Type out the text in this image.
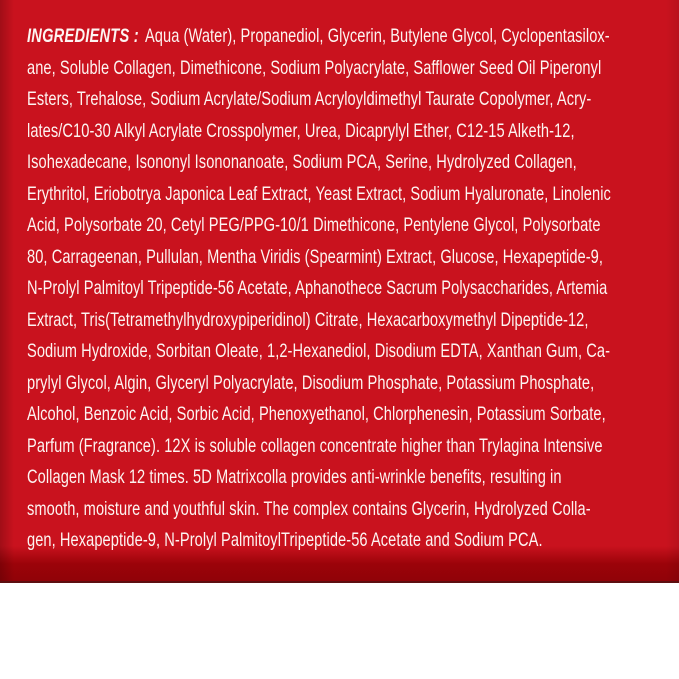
INGREDIENTS : Aqua (Water), Propanediol, Glycerin, Butylene Glycol, Cyclopentasilox-
ane, Soluble Collagen, Dimethicone, Sodium Polyacrylate, Safflower Seed Oil Piperonyl
Esters, Trehalose, Sodium Acrylate/Sodium Acryloyldimethyl Taurate Copolymer, Acry-
lates/C10-30 Alkyl Acrylate Crosspolymer, Urea, Dicaprylyl Ether, C12-15 Alketh-12,
Isohexadecane, Isononyl Isononanoate, Sodium PCA, Serine, Hydrolyzed Collagen,
Erythritol, Eriobotrya Japonica Leaf Extract, Yeast Extract, Sodium Hyaluronate, Linolenic
Acid, Polysorbate 20, Cetyl PEG/PPG-10/1 Dimethicone, Pentylene Glycol, Polysorbate
80, Carrageenan, Pullulan, Mentha Viridis (Spearmint) Extract, Glucose, Hexapeptide-9,
N-Prolyl Palmitoyl Tripeptide-56 Acetate, Aphanothece Sacrum Polysaccharides, Artemia
Extract, Tris(Tetramethylhydroxypiperidinol) Citrate, Hexacarboxymethyl Dipeptide-12,
Sodium Hydroxide, Sorbitan Oleate, 1,2-Hexanediol, Disodium EDTA, Xanthan Gum, Ca-
prylyl Glycol, Algin, Glyceryl Polyacrylate, Disodium Phosphate, Potassium Phosphate,
Alcohol, Benzoic Acid, Sorbic Acid, Phenoxyethanol, Chlorphenesin, Potassium Sorbate,
Parfum (Fragrance). 12X is soluble collagen concentrate higher than Trylagina Intensive
Collagen Mask 12 times. 5D Matrixcolla provides anti-wrinkle benefits, resulting in
smooth, moisture and youthful skin. The complex contains Glycerin, Hydrolyzed Colla-
gen, Hexapeptide-9, N-Prolyl PalmitoylTripeptide-56 Acetate and Sodium PCA.
